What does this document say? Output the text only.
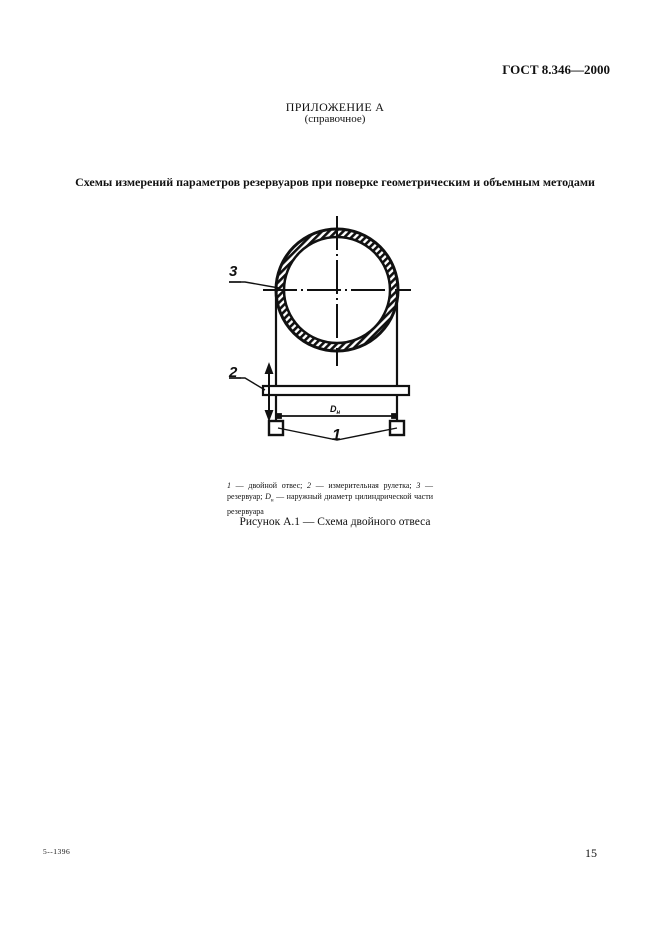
3
2
1
$D_н$
1 — двойной отвес; 2 — измерительная рулетка; 3 — резервуар; $D_н$ — наружный диаметр цилиндрической части резервуара
Рисунок А.1 — Схема двойного отвеса
5--1396	15
